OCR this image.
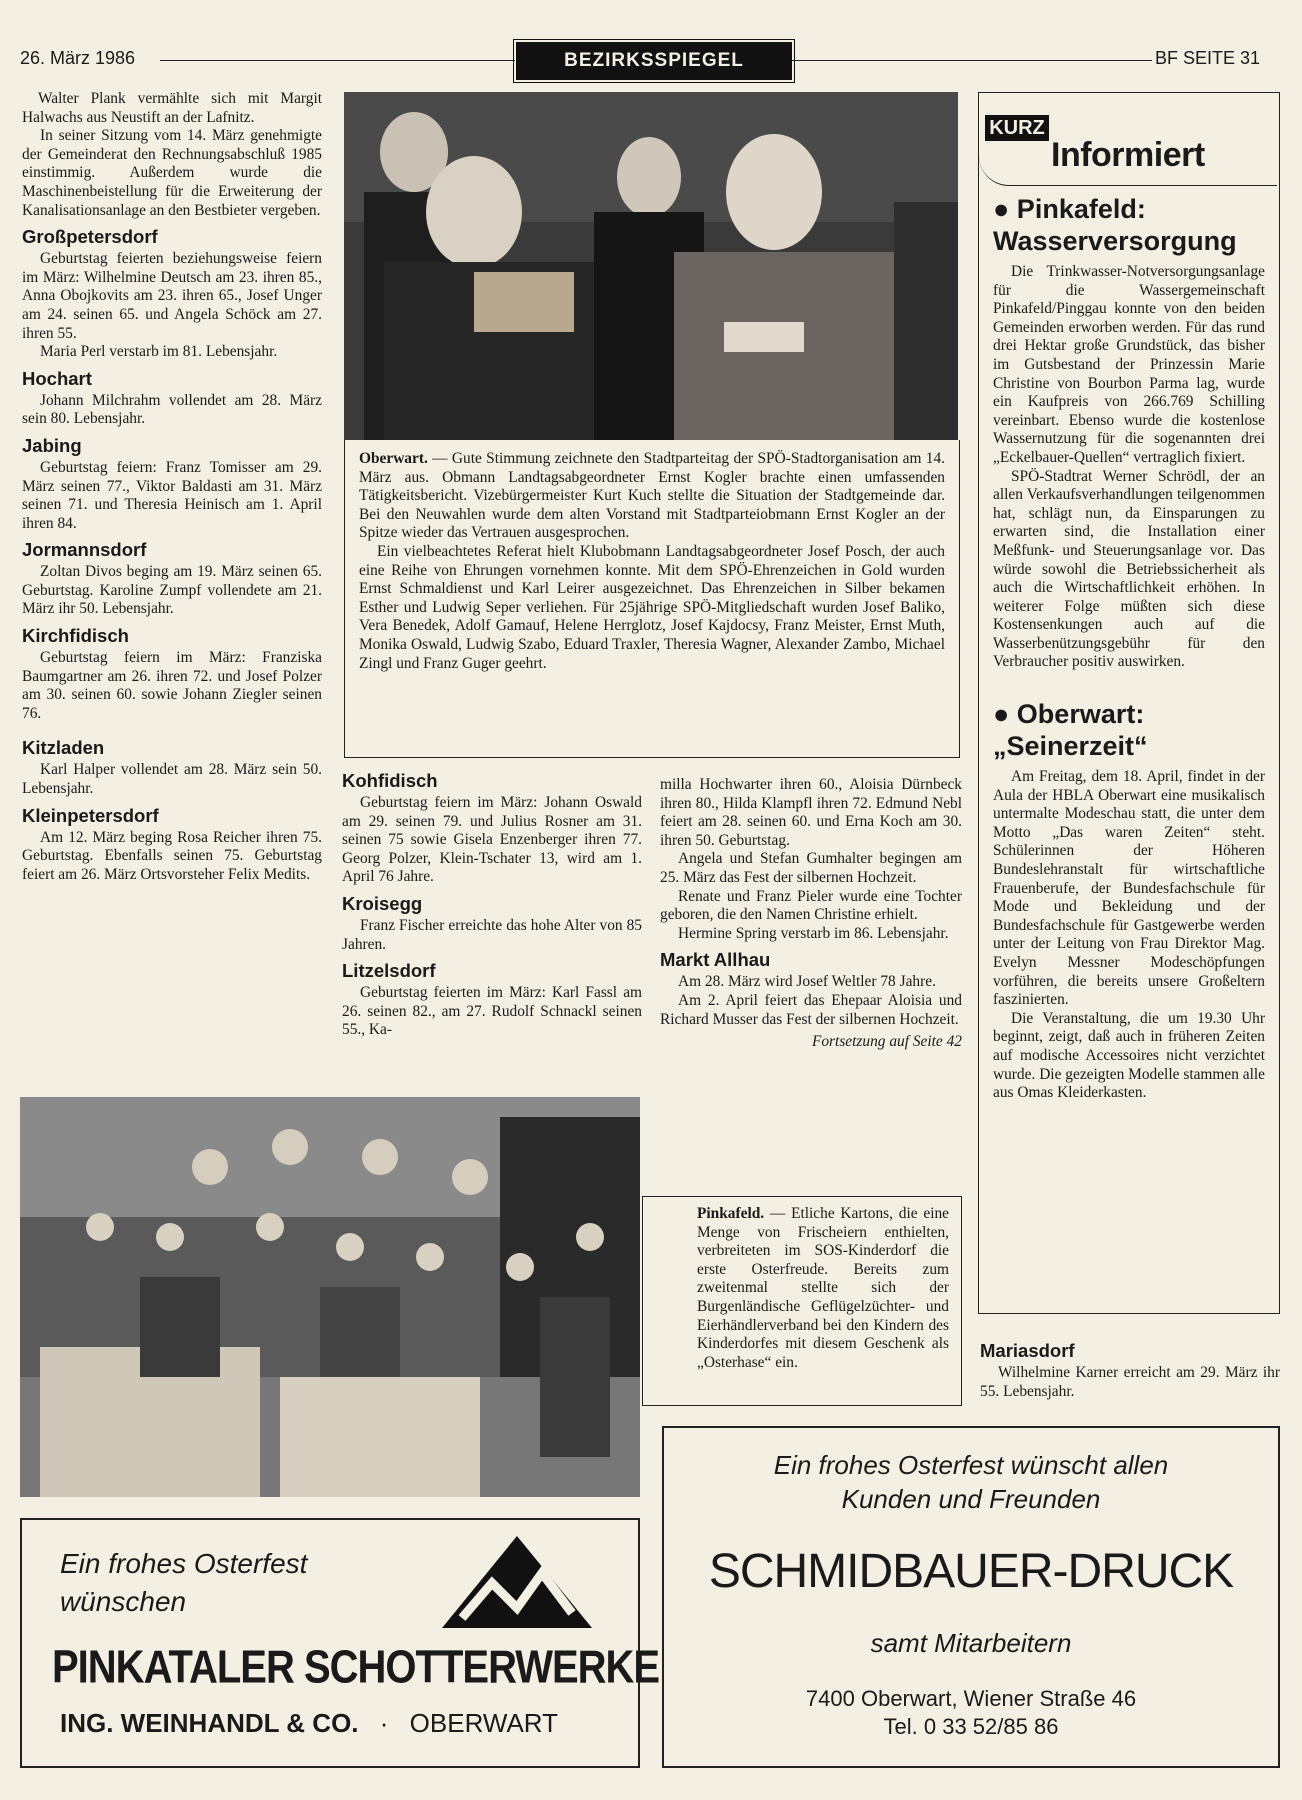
26. März 1986	BEZIRKSSPIEGEL	BF SEITE 31

Walter Plank vermählte sich mit Margit Halwachs aus Neustift an der Lafnitz.

In seiner Sitzung vom 14. März genehmigte der Gemeinderat den Rechnungsabschluß 1985 einstimmig. Außerdem wurde die Maschinenbeistellung für die Erweiterung der Kanalisationsanlage an den Bestbieter vergeben.

Großpetersdorf

Geburtstag feierten beziehungsweise feiern im März: Wilhelmine Deutsch am 23. ihren 85., Anna Obojkovits am 23. ihren 65., Josef Unger am 24. seinen 65. und Angela Schöck am 27. ihren 55.

Maria Perl verstarb im 81. Lebensjahr.

Hochart

Johann Milchrahm vollendet am 28. März sein 80. Lebensjahr.

Jabing

Geburtstag feiern: Franz Tomisser am 29. März seinen 77., Viktor Baldasti am 31. März seinen 71. und Theresia Heinisch am 1. April ihren 84.

Jormannsdorf

Zoltan Divos beging am 19. März seinen 65. Geburtstag. Karoline Zumpf vollendete am 21. März ihr 50. Lebensjahr.

Kirchfidisch

Geburtstag feiern im März: Franziska Baumgartner am 26. ihren 72. und Josef Polzer am 30. seinen 60. sowie Johann Ziegler seinen 76.

Kitzladen

Karl Halper vollendet am 28. März sein 50. Lebensjahr.

Kleinpetersdorf

Am 12. März beging Rosa Reicher ihren 75. Geburtstag. Ebenfalls seinen 75. Geburtstag feiert am 26. März Ortsvorsteher Felix Medits.

Oberwart. — Gute Stimmung zeichnete den Stadtparteitag der SPÖ-Stadtorganisation am 14. März aus. Obmann Landtagsabgeordneter Ernst Kogler brachte einen umfassenden Tätigkeitsbericht. Vizebürgermeister Kurt Kuch stellte die Situation der Stadtgemeinde dar. Bei den Neuwahlen wurde dem alten Vorstand mit Stadtparteiobmann Ernst Kogler an der Spitze wieder das Vertrauen ausgesprochen.

Ein vielbeachtetes Referat hielt Klubobmann Landtagsabgeordneter Josef Posch, der auch eine Reihe von Ehrungen vornehmen konnte. Mit dem SPÖ-Ehrenzeichen in Gold wurden Ernst Schmaldienst und Karl Leirer ausgezeichnet. Das Ehrenzeichen in Silber bekamen Esther und Ludwig Seper verliehen. Für 25jährige SPÖ-Mitgliedschaft wurden Josef Baliko, Vera Benedek, Adolf Gamauf, Helene Herrglotz, Josef Kajdocsy, Franz Meister, Ernst Muth, Monika Oswald, Ludwig Szabo, Eduard Traxler, Theresia Wagner, Alexander Zambo, Michael Zingl und Franz Guger geehrt.

Kohfidisch

Geburtstag feiern im März: Johann Oswald am 29. seinen 79. und Julius Rosner am 31. seinen 75 sowie Gisela Enzenberger ihren 77. Georg Polzer, Klein-Tschater 13, wird am 1. April 76 Jahre.

Kroisegg

Franz Fischer erreichte das hohe Alter von 85 Jahren.

Litzelsdorf

Geburtstag feierten im März: Karl Fassl am 26. seinen 82., am 27. Rudolf Schnackl seinen 55., Ka-

milla Hochwarter ihren 60., Aloisia Dürnbeck ihren 80., Hilda Klampfl ihren 72. Edmund Nebl feiert am 28. seinen 60. und Erna Koch am 30. ihren 50. Geburtstag.

Angela und Stefan Gumhalter begingen am 25. März das Fest der silbernen Hochzeit.

Renate und Franz Pieler wurde eine Tochter geboren, die den Namen Christine erhielt.

Hermine Spring verstarb im 86. Lebensjahr.

Markt Allhau

Am 28. März wird Josef Weltler 78 Jahre.

Am 2. April feiert das Ehepaar Aloisia und Richard Musser das Fest der silbernen Hochzeit.

Fortsetzung auf Seite 42

Pinkafeld. — Etliche Kartons, die eine Menge von Frischeiern enthielten, verbreiteten im SOS-Kinderdorf die erste Osterfreude. Bereits zum zweitenmal stellte sich der Burgenländische Geflügelzüchter- und Eierhändlerverband bei den Kindern des Kinderdorfes mit diesem Geschenk als „Osterhase“ ein.

KURZ
Informiert
● Pinkafeld: Wasserversorgung

Die Trinkwasser-Notversorgungsanlage für die Wassergemeinschaft Pinkafeld/Pinggau konnte von den beiden Gemeinden erworben werden. Für das rund drei Hektar große Grundstück, das bisher im Gutsbestand der Prinzessin Marie Christine von Bourbon Parma lag, wurde ein Kaufpreis von 266.769 Schilling vereinbart. Ebenso wurde die kostenlose Wassernutzung für die sogenannten drei „Eckelbauer-Quellen“ vertraglich fixiert.

SPÖ-Stadtrat Werner Schrödl, der an allen Verkaufsverhandlungen teilgenommen hat, schlägt nun, da Einsparungen zu erwarten sind, die Installation einer Meßfunk- und Steuerungsanlage vor. Das würde sowohl die Betriebssicherheit als auch die Wirtschaftlichkeit erhöhen. In weiterer Folge müßten sich diese Kostensenkungen auch auf die Wasserbenützungsgebühr für den Verbraucher positiv auswirken.

● Oberwart: „Seinerzeit“

Am Freitag, dem 18. April, findet in der Aula der HBLA Oberwart eine musikalisch untermalte Modeschau statt, die unter dem Motto „Das waren Zeiten“ steht. Schülerinnen der Höheren Bundeslehranstalt für wirtschaftliche Frauenberufe, der Bundesfachschule für Mode und Bekleidung und der Bundesfachschule für Gastgewerbe werden unter der Leitung von Frau Direktor Mag. Evelyn Messner Modeschöpfungen vorführen, die bereits unsere Großeltern faszinierten.

Die Veranstaltung, die um 19.30 Uhr beginnt, zeigt, daß auch in früheren Zeiten auf modische Accessoires nicht verzichtet wurde. Die gezeigten Modelle stammen alle aus Omas Kleiderkasten.

Mariasdorf

Wilhelmine Karner erreicht am 29. März ihr 55. Lebensjahr.

Ein frohes Osterfest
wünschen
PINKATALER SCHOTTERWERKE
ING. WEINHANDL & CO. · OBERWART
Ein frohes Osterfest wünscht allen
Kunden und Freunden
SCHMIDBAUER-DRUCK
samt Mitarbeitern
7400 Oberwart, Wiener Straße 46
Tel. 0 33 52/85 86
